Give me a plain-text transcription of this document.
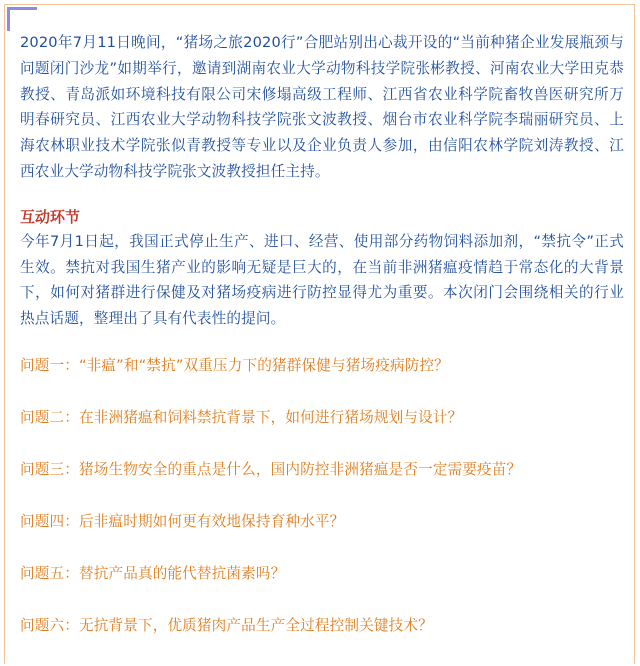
2020年7月11日晚间，“猪场之旅2020行”合肥站别出心裁开设的“当前种猪企业发展瓶颈与问题闭门沙龙”如期举行，邀请到湖南农业大学动物科技学院张彬教授、河南农业大学田克恭教授、青岛派如环境科技有限公司宋修塌高级工程师、江西省农业科学院畜牧兽医研究所万明春研究员、江西农业大学动物科技学院张文波教授、烟台市农业科学院李瑞丽研究员、上海农林职业技术学院张似青教授等专业以及企业负责人参加，由信阳农林学院刘涛教授、江西农业大学动物科技学院张文波教授担任主持。

互动环节

今年7月1日起，我国正式停止生产、进口、经营、使用部分药物饲料添加剂，“禁抗令”正式生效。禁抗对我国生猪产业的影响无疑是巨大的，在当前非洲猪瘟疫情趋于常态化的大背景下，如何对猪群进行保健及对猪场疫病进行防控显得尤为重要。本次闭门会围绕相关的行业热点话题，整理出了具有代表性的提问。

问题一：“非瘟”和“禁抗”双重压力下的猪群保健与猪场疫病防控？
问题二：在非洲猪瘟和饲料禁抗背景下，如何进行猪场规划与设计？
问题三：猪场生物安全的重点是什么，国内防控非洲猪瘟是否一定需要疫苗？
问题四：后非瘟时期如何更有效地保持育种水平？
问题五：替抗产品真的能代替抗菌素吗？
问题六：无抗背景下，优质猪肉产品生产全过程控制关键技术？
